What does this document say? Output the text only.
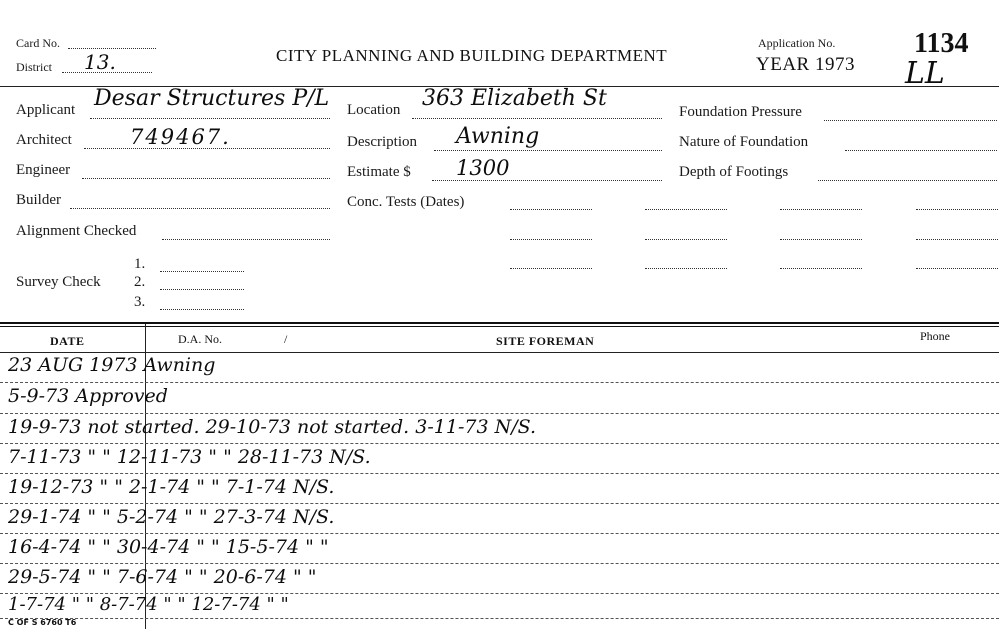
Card No.
District 13.	CITY PLANNING AND BUILDING DEPARTMENT
Application No.
YEAR 1973
1134
LL
Applicant Desar Structures P/L
Architect	749467.
Engineer
Builder
Alignment Checked
Survey Check
1.
2.
3.
Location 363 Elizabeth St
Description Awning
Estimate $ 1300
Conc. Tests (Dates)
Foundation Pressure
Nature of Foundation
Depth of Footings
DATE	D.A. No.	/	SITE FOREMAN	Phone
23 AUG 1973 Awning
5-9-73 Approved
19-9-73 not started. 29-10-73 not started. 3-11-73 N/S.
7-11-73 " " 12-11-73 " " 28-11-73 N/S.
19-12-73 " " 2-1-74 " " 7-1-74 N/S.
29-1-74 " " 5-2-74 " " 27-3-74 N/S.
16-4-74 " " 30-4-74 " " 15-5-74 " "
29-5-74 " " 7-6-74 " " 20-6-74 " "
1-7-74 " " 8-7-74 " " 12-7-74 " "
C OF S 6760 T6
